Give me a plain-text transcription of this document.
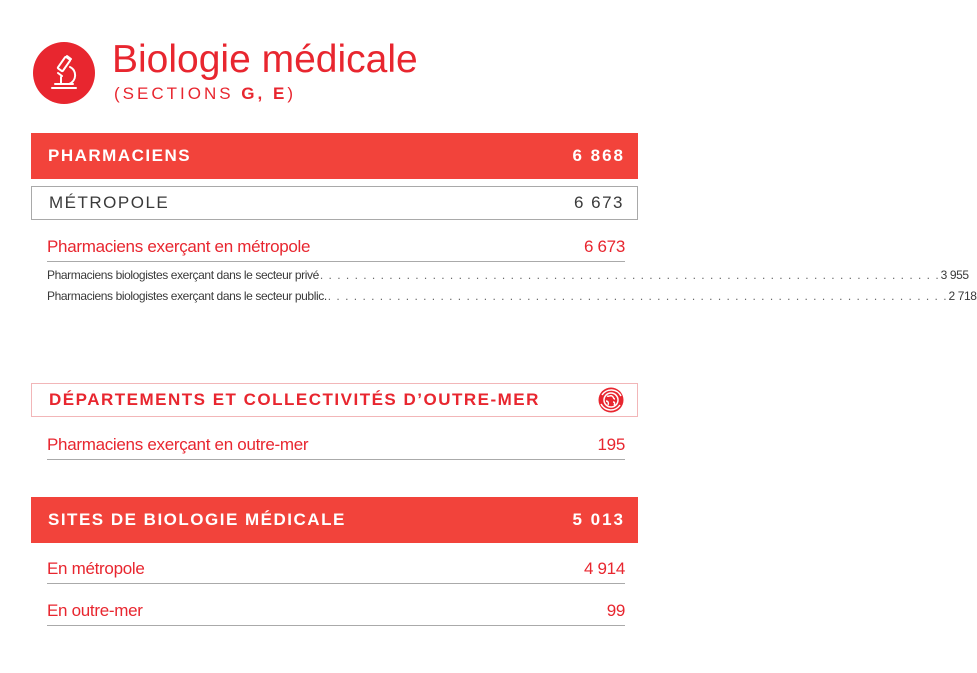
Biologie médicale
(SECTIONS G, E)
PHARMACIENS	6 868
MÉTROPOLE	6 673
Pharmaciens exerçant en métropole	6 673
Pharmaciens biologistes exerçant dans le secteur privé . . . . . . . . . . . . . . . . . . . . . . . . . . . . . . . . . . . . . . . . . . . . . . . . . . . . . . . . . . . . . . . . . . . . . . . . 3 955
Pharmaciens biologistes exerçant dans le secteur public. . . . . . . . . . . . . . . . . . . . . . . . . . . . . . . . . . . . . . . . . . . . . . . . . . . . . . . . . . . . . . . . . . . . . . . . . 2 718
DÉPARTEMENTS ET COLLECTIVITÉS D’OUTRE-MER
Pharmaciens exerçant en outre-mer	195
SITES DE BIOLOGIE MÉDICALE	5 013
En métropole	4 914
En outre-mer	99
